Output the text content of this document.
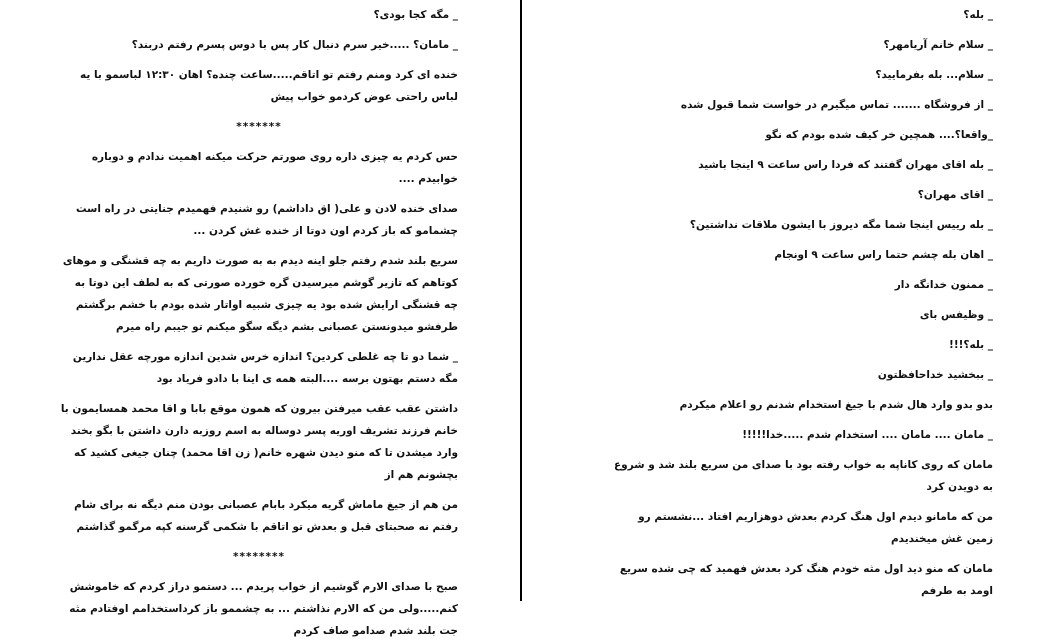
_ مگه کجا بودی؟

_ مامان؟ .....خیر سرم دنبال کار پس با دوس پسرم رفتم دربند؟

خنده ای کرد ومنم رفتم تو اتاقم.....ساعت چنده؟ اهان ۱۲:۳۰ لباسمو با یه لباس راحتی عوض کردمو خواب پیش

*******

حس کردم یه چیزی داره روی صورتم حرکت میکنه اهمیت ندادم و دوباره خوابیدم ....

صدای خنده لادن و علی( اق داداشم) رو شنیدم فهمیدم جنایتی در راه است چشمامو که باز کردم اون دوتا از خنده غش کردن ...

سریع بلند شدم رفتم جلو اینه دیدم به به صورت داریم به چه قشنگی و موهای کوتاهم که تازیر گوشم میرسیدن گره خورده صورتی که به لطف این دوتا به چه قشنگی ارایش شده بود یه چیزی شبیه اواتار شده بودم با خشم برگشتم طرفشو میدونستن عصبانی بشم دیگه سگو میکنم تو جیبم راه میرم

_ شما دو تا چه غلطی کردین؟ اندازه خرس شدین اندازه مورچه عقل ندارین مگه دستم بهتون برسه ....البته همه ی اینا با دادو فریاد بود

داشتن عقب عقب میرفتن بیرون که همون موقع بابا و اقا محمد همسایمون با خانم فرزند تشریف اوریه پسر دوساله به اسم روزبه دارن داشتن با بگو بخند وارد میشدن تا که منو دیدن شهره خانم( زن اقا محمد) چنان جیغی کشید که بچشونم هم از

من هم از جیغ ماماش گریه میکرد بابام عصبانی بودن منم دیگه نه برای شام رفتم نه صحبتای قبل و بعدش تو اتاقم با شکمی گرسنه کپه مرگمو گذاشتم

********

صبح با صدای الارم گوشیم از خواب پریدم ... دستمو دراز کردم که خاموشش کنم.....ولی من که الارم نذاشتم ... به چشممو باز کرداستخدامم اوفتادم مثه جت بلند شدم صدامو صاف کردم

_ بله؟

_ سلام خانم آریامهر؟

_ سلام... بله بفرمایید؟

_ از فروشگاه ....... تماس میگیرم در خواست شما قبول شده

_واقعا؟.... همچین خر کیف شده بودم که نگو

_ بله اقای مهران گفتند که فردا راس ساعت ۹ اینجا باشید

_ اقای مهران؟

_ بله رییس اینجا شما مگه دیروز با ایشون ملاقات نداشتین؟

_ اهان بله چشم حتما راس ساعت ۹ اونجام

_ ممنون خدانگه دار

_ وظیفس بای

_ بله؟!!!

_ ببخشید خداحافظتون

بدو بدو وارد هال شدم با جیغ استخدام شدنم رو اعلام میکردم

_ مامان .... مامان .... استخدام شدم .....خدا!!!!!

مامان که روی کاناپه به خواب رفته بود با صدای من سریع بلند شد و شروع به دویدن کرد

من که مامانو دیدم اول هنگ کردم بعدش دوهزاریم افتاد ...نشستم رو زمین غش میخندیدم

مامان که منو دید اول مثه خودم هنگ کرد بعدش فهمید که چی شده سریع اومد به طرفم
